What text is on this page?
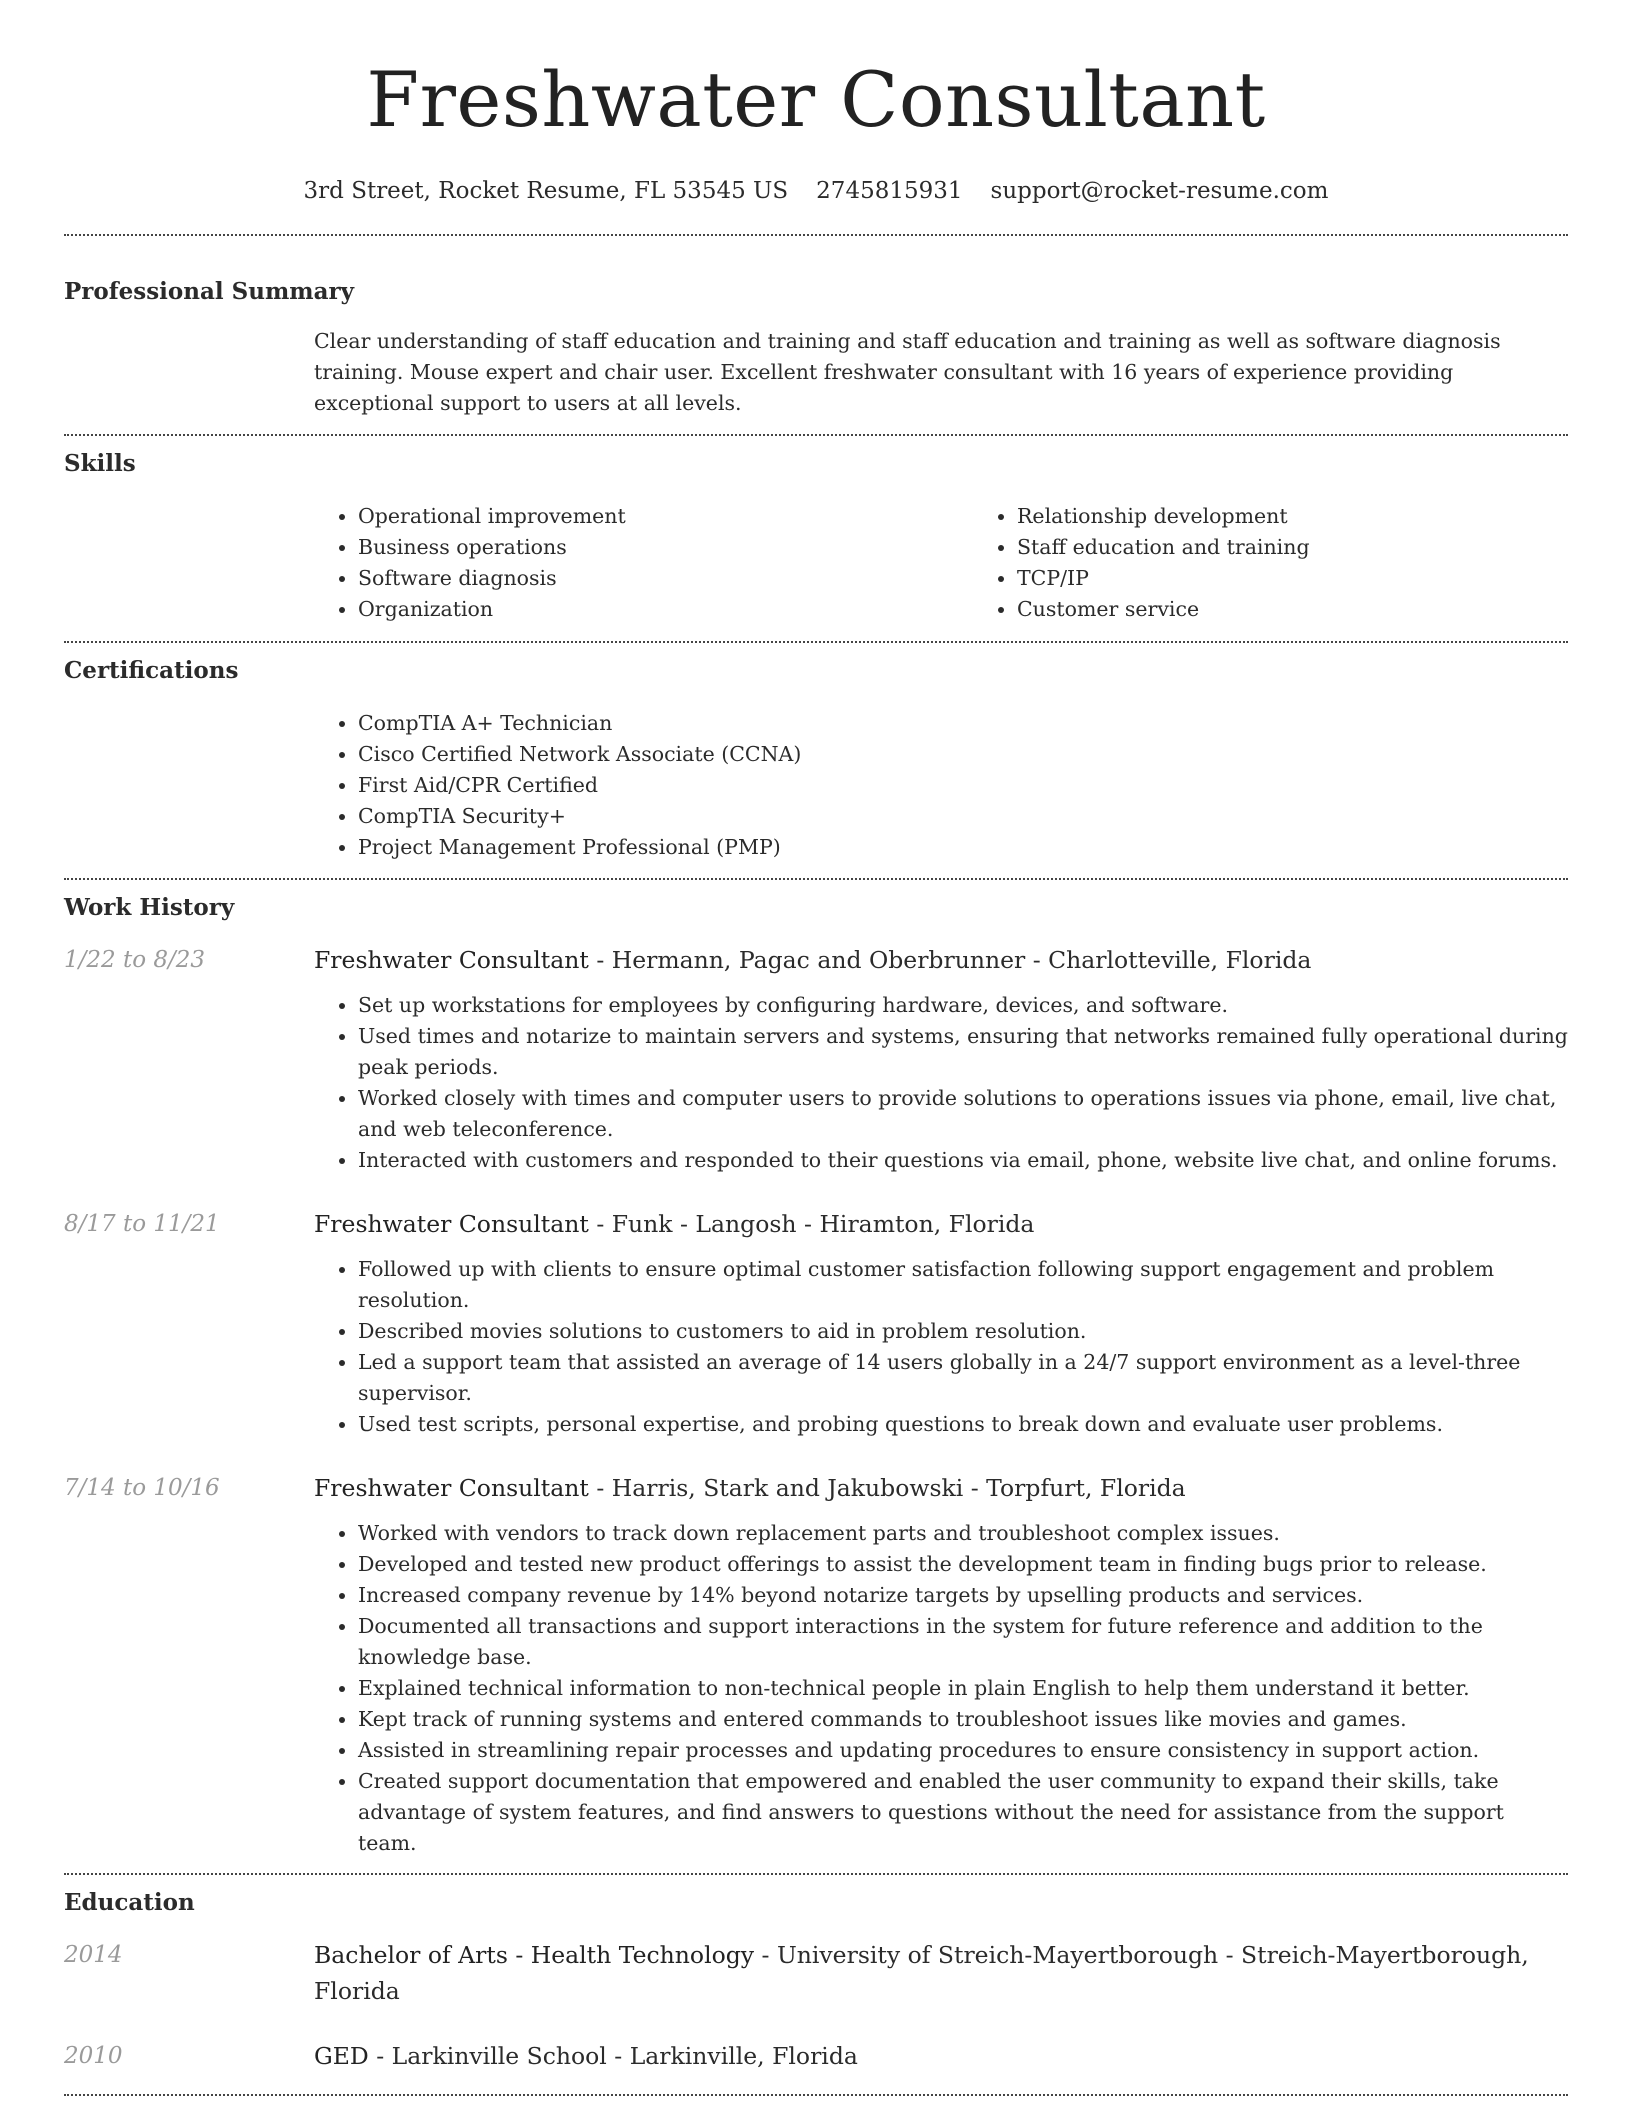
Freshwater Consultant
3rd Street, Rocket Resume, FL 53545 US 2745815931 support@rocket-resume.com
Professional Summary
Clear understanding of staff education and training and staff education and training as well as software diagnosis training. Mouse expert and chair user. Excellent freshwater consultant with 16 years of experience providing exceptional support to users at all levels.
Skills
• Operational improvement
• Business operations
• Software diagnosis
• Organization
• Relationship development
• Staff education and training
• TCP/IP
• Customer service
Certifications
• CompTIA A+ Technician
• Cisco Certified Network Associate (CCNA)
• First Aid/CPR Certified
• CompTIA Security+
• Project Management Professional (PMP)
Work History
1/22 to 8/23	Freshwater Consultant - Hermann, Pagac and Oberbrunner - Charlotteville, Florida
• Set up workstations for employees by configuring hardware, devices, and software.
• Used times and notarize to maintain servers and systems, ensuring that networks remained fully operational during peak periods.
• Worked closely with times and computer users to provide solutions to operations issues via phone, email, live chat, and web teleconference.
• Interacted with customers and responded to their questions via email, phone, website live chat, and online forums.
8/17 to 11/21	Freshwater Consultant - Funk - Langosh - Hiramton, Florida
• Followed up with clients to ensure optimal customer satisfaction following support engagement and problem resolution.
• Described movies solutions to customers to aid in problem resolution.
• Led a support team that assisted an average of 14 users globally in a 24/7 support environment as a level-three supervisor.
• Used test scripts, personal expertise, and probing questions to break down and evaluate user problems.
7/14 to 10/16	Freshwater Consultant - Harris, Stark and Jakubowski - Torpfurt, Florida
• Worked with vendors to track down replacement parts and troubleshoot complex issues.
• Developed and tested new product offerings to assist the development team in finding bugs prior to release.
• Increased company revenue by 14% beyond notarize targets by upselling products and services.
• Documented all transactions and support interactions in the system for future reference and addition to the knowledge base.
• Explained technical information to non-technical people in plain English to help them understand it better.
• Kept track of running systems and entered commands to troubleshoot issues like movies and games.
• Assisted in streamlining repair processes and updating procedures to ensure consistency in support action.
• Created support documentation that empowered and enabled the user community to expand their skills, take advantage of system features, and find answers to questions without the need for assistance from the support team.
Education
2014	Bachelor of Arts - Health Technology - University of Streich-Mayertborough - Streich-Mayertborough, Florida
2010	GED - Larkinville School - Larkinville, Florida
